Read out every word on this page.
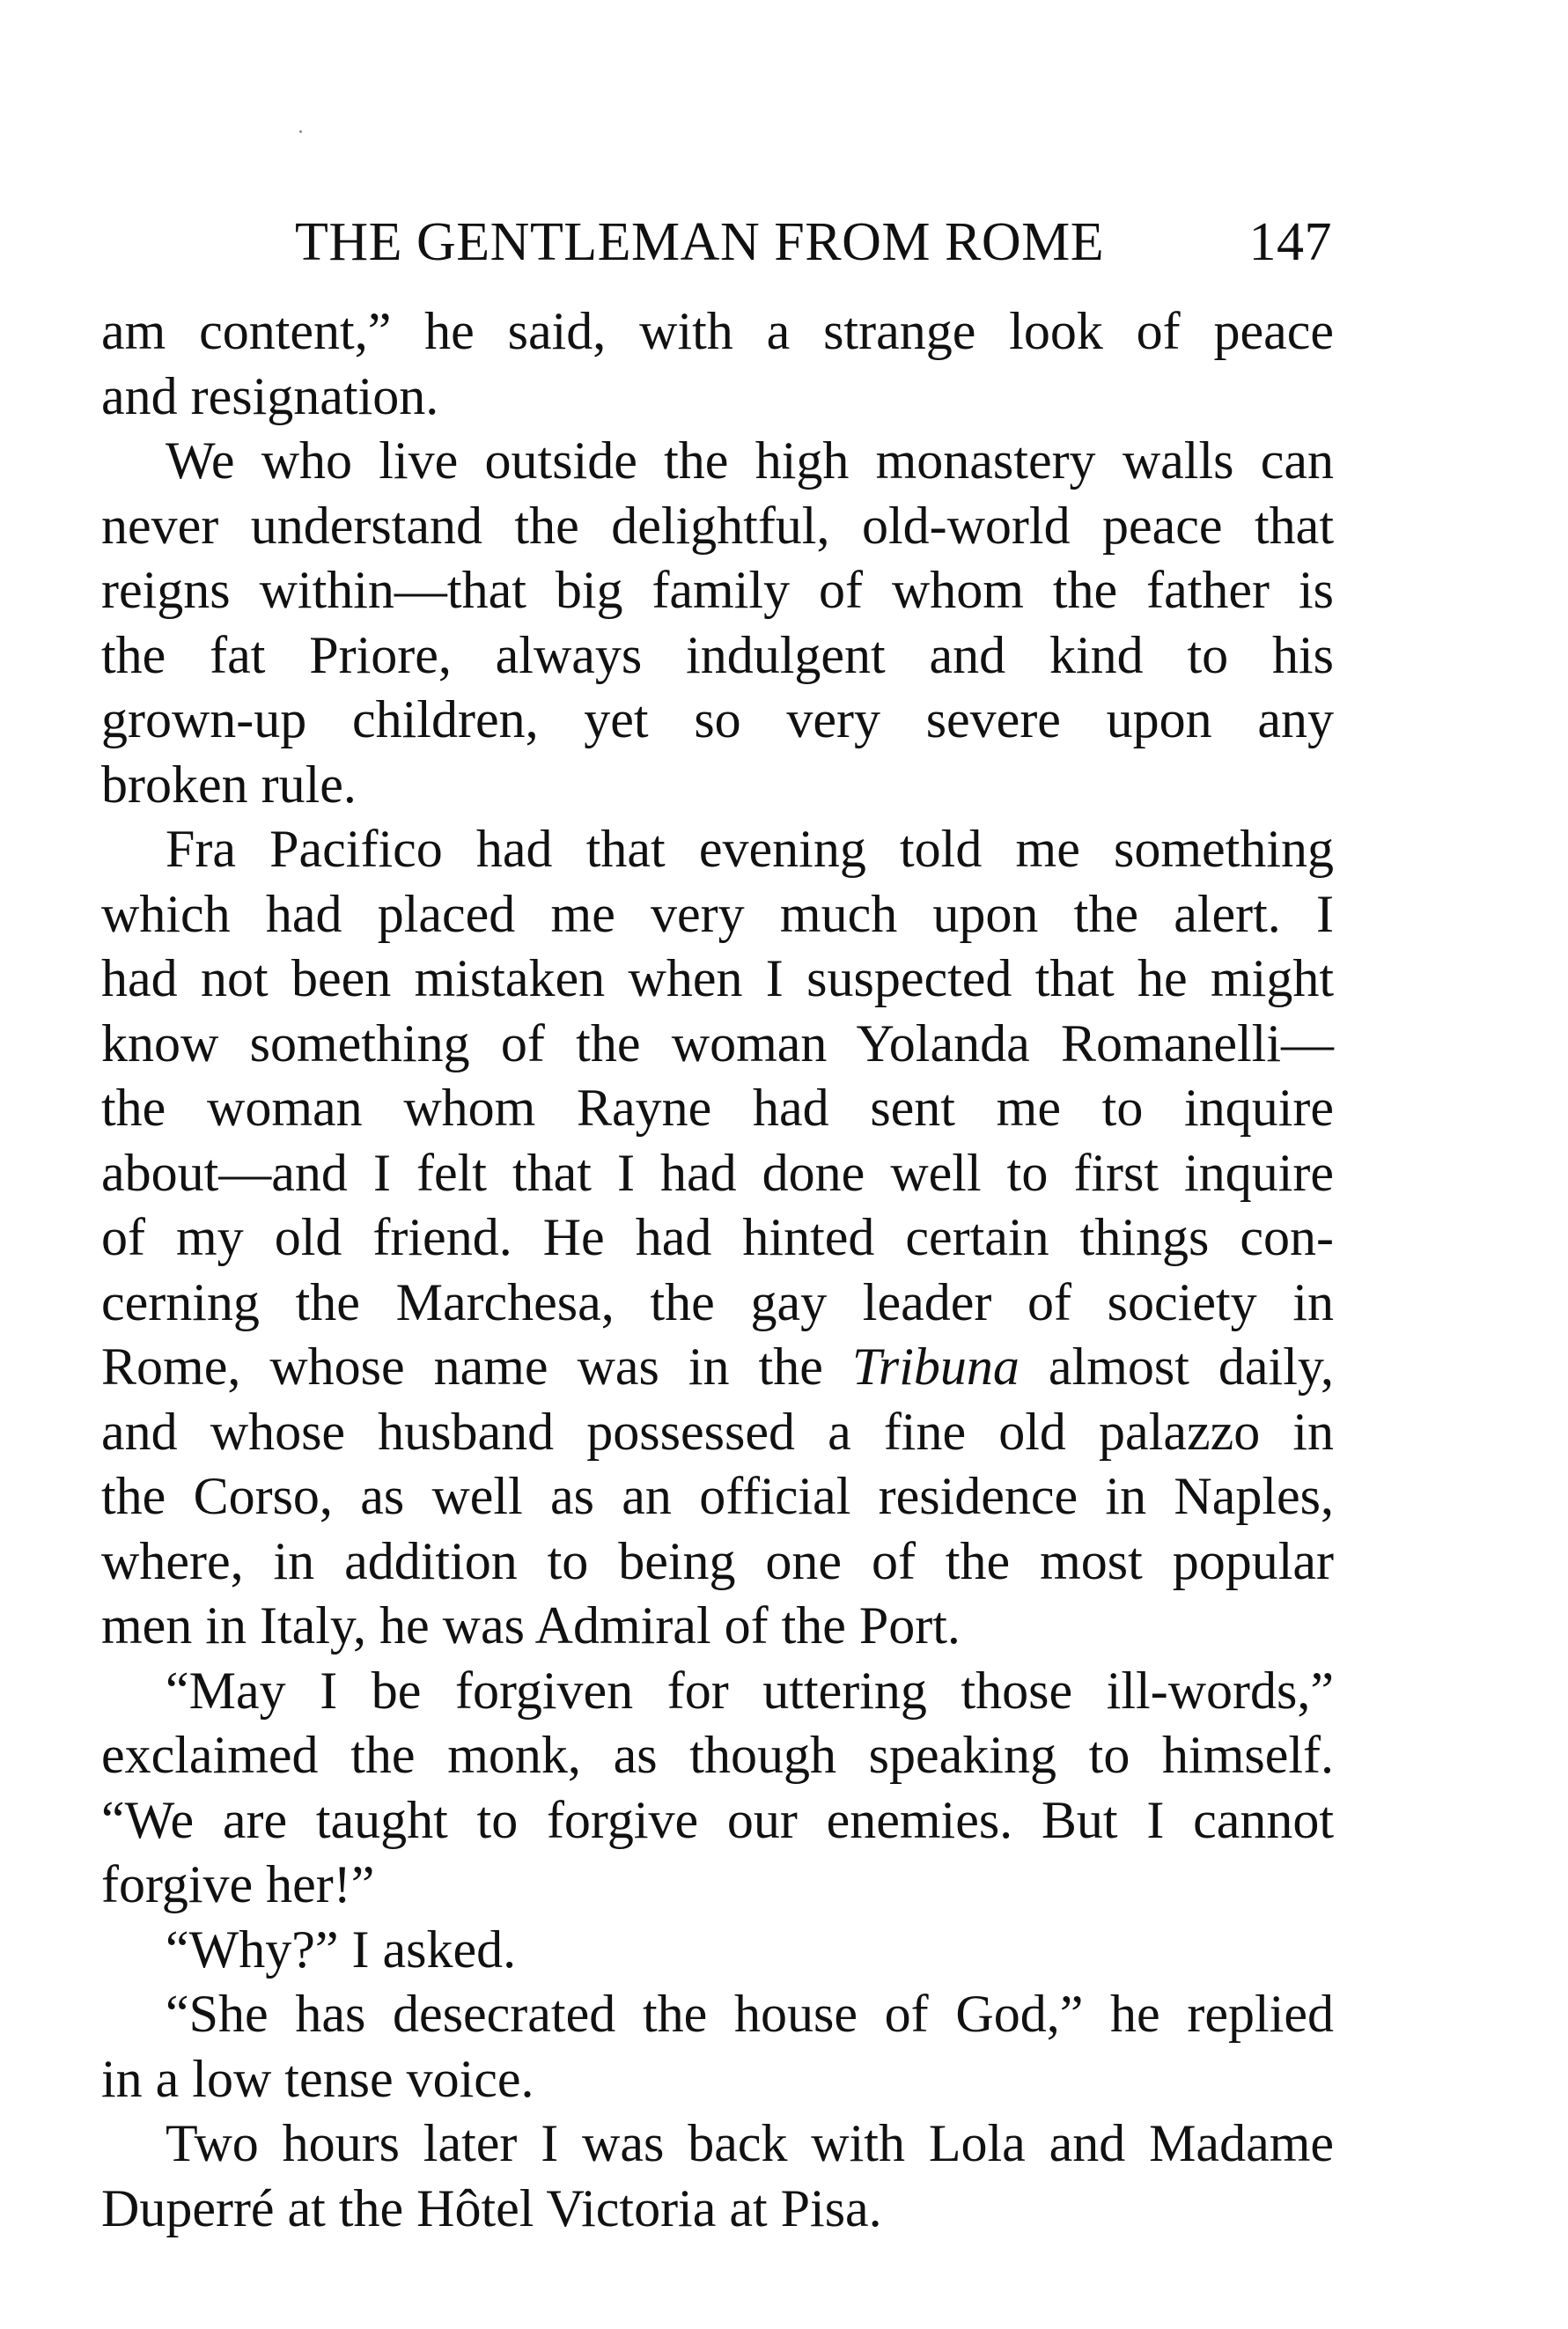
THE GENTLEMAN FROM ROME	147
am content,” he said, with a strange look of peace
and resignation.
We who live outside the high monastery walls can
never understand the delightful, old-world peace that
reigns within—that big family of whom the father is
the fat Priore, always indulgent and kind to his
grown-up children, yet so very severe upon any
broken rule.
Fra Pacifico had that evening told me something
which had placed me very much upon the alert. I
had not been mistaken when I suspected that he might
know something of the woman Yolanda Romanelli—
the woman whom Rayne had sent me to inquire
about—and I felt that I had done well to first inquire
of my old friend. He had hinted certain things con-
cerning the Marchesa, the gay leader of society in
Rome, whose name was in the Tribuna almost daily,
and whose husband possessed a fine old palazzo in
the Corso, as well as an official residence in Naples,
where, in addition to being one of the most popular
men in Italy, he was Admiral of the Port.
“May I be forgiven for uttering those ill-words,”
exclaimed the monk, as though speaking to himself.
“We are taught to forgive our enemies. But I cannot
forgive her!”
“Why?” I asked.
“She has desecrated the house of God,” he replied
in a low tense voice.
Two hours later I was back with Lola and Madame
Duperré at the Hôtel Victoria at Pisa.
